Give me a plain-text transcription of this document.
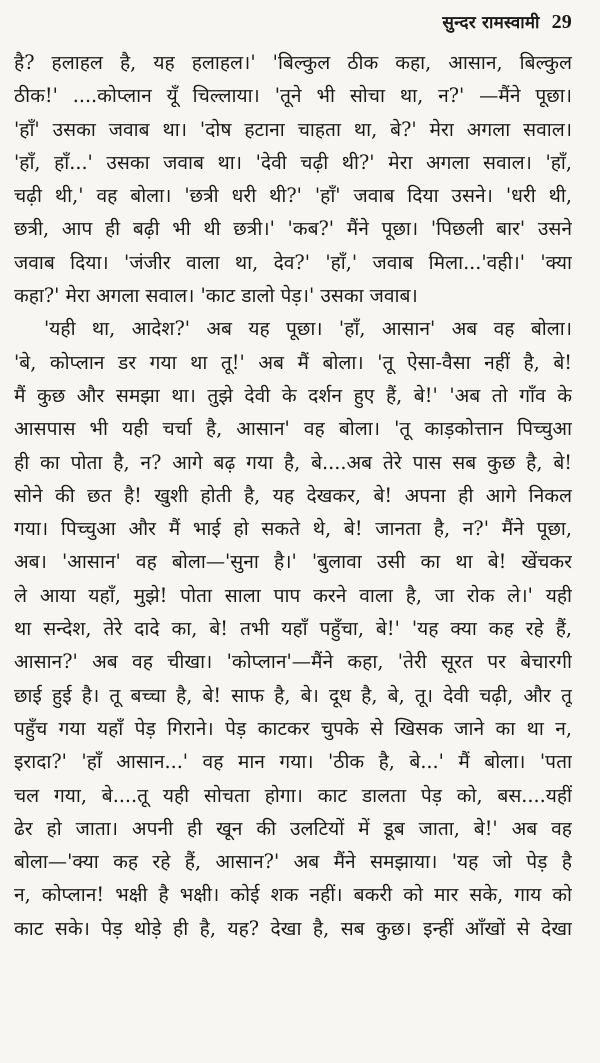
सुन्दर रामस्वामी 29
है? हलाहल है, यह हलाहल।' 'बिल्कुल ठीक कहा, आसान, बिल्कुल
ठीक!' ....कोप्लान यूँ चिल्लाया। 'तूने भी सोचा था, न?' —मैंने पूछा।
'हाँ' उसका जवाब था। 'दोष हटाना चाहता था, बे?' मेरा अगला सवाल।
'हाँ, हाँ...' उसका जवाब था। 'देवी चढ़ी थी?' मेरा अगला सवाल। 'हाँ,
चढ़ी थी,' वह बोला। 'छत्री धरी थी?' 'हाँ' जवाब दिया उसने। 'धरी थी,
छत्री, आप ही बढ़ी भी थी छत्री।' 'कब?' मैंने पूछा। 'पिछली बार' उसने
जवाब दिया। 'जंजीर वाला था, देव?' 'हाँ,' जवाब मिला...'वही।' 'क्या
कहा?' मेरा अगला सवाल। 'काट डालो पेड़।' उसका जवाब।
'यही था, आदेश?' अब यह पूछा। 'हाँ, आसान' अब वह बोला।
'बे, कोप्लान डर गया था तू!' अब मैं बोला। 'तू ऐसा-वैसा नहीं है, बे!
मैं कुछ और समझा था। तुझे देवी के दर्शन हुए हैं, बे!' 'अब तो गाँव के
आसपास भी यही चर्चा है, आसान' वह बोला। 'तू काड़कोत्तान पिच्चुआ
ही का पोता है, न? आगे बढ़ गया है, बे....अब तेरे पास सब कुछ है, बे!
सोने की छत है! खुशी होती है, यह देखकर, बे! अपना ही आगे निकल
गया। पिच्चुआ और मैं भाई हो सकते थे, बे! जानता है, न?' मैंने पूछा,
अब। 'आसान' वह बोला—'सुना है।' 'बुलावा उसी का था बे! खेंचकर
ले आया यहाँ, मुझे! पोता साला पाप करने वाला है, जा रोक ले।' यही
था सन्देश, तेरे दादे का, बे! तभी यहाँ पहुँचा, बे!' 'यह क्या कह रहे हैं,
आसान?' अब वह चीखा। 'कोप्लान'—मैंने कहा, 'तेरी सूरत पर बेचारगी
छाई हुई है। तू बच्चा है, बे! साफ है, बे। दूध है, बे, तू। देवी चढ़ी, और तू
पहुँच गया यहाँ पेड़ गिराने। पेड़ काटकर चुपके से खिसक जाने का था न,
इरादा?' 'हाँ आसान...' वह मान गया। 'ठीक है, बे...' मैं बोला। 'पता
चल गया, बे....तू यही सोचता होगा। काट डालता पेड़ को, बस....यहीं
ढेर हो जाता। अपनी ही खून की उलटियों में डूब जाता, बे!' अब वह
बोला—'क्या कह रहे हैं, आसान?' अब मैंने समझाया। 'यह जो पेड़ है
न, कोप्लान! भक्षी है भक्षी। कोई शक नहीं। बकरी को मार सके, गाय को
काट सके। पेड़ थोड़े ही है, यह? देखा है, सब कुछ। इन्हीं आँखों से देखा
